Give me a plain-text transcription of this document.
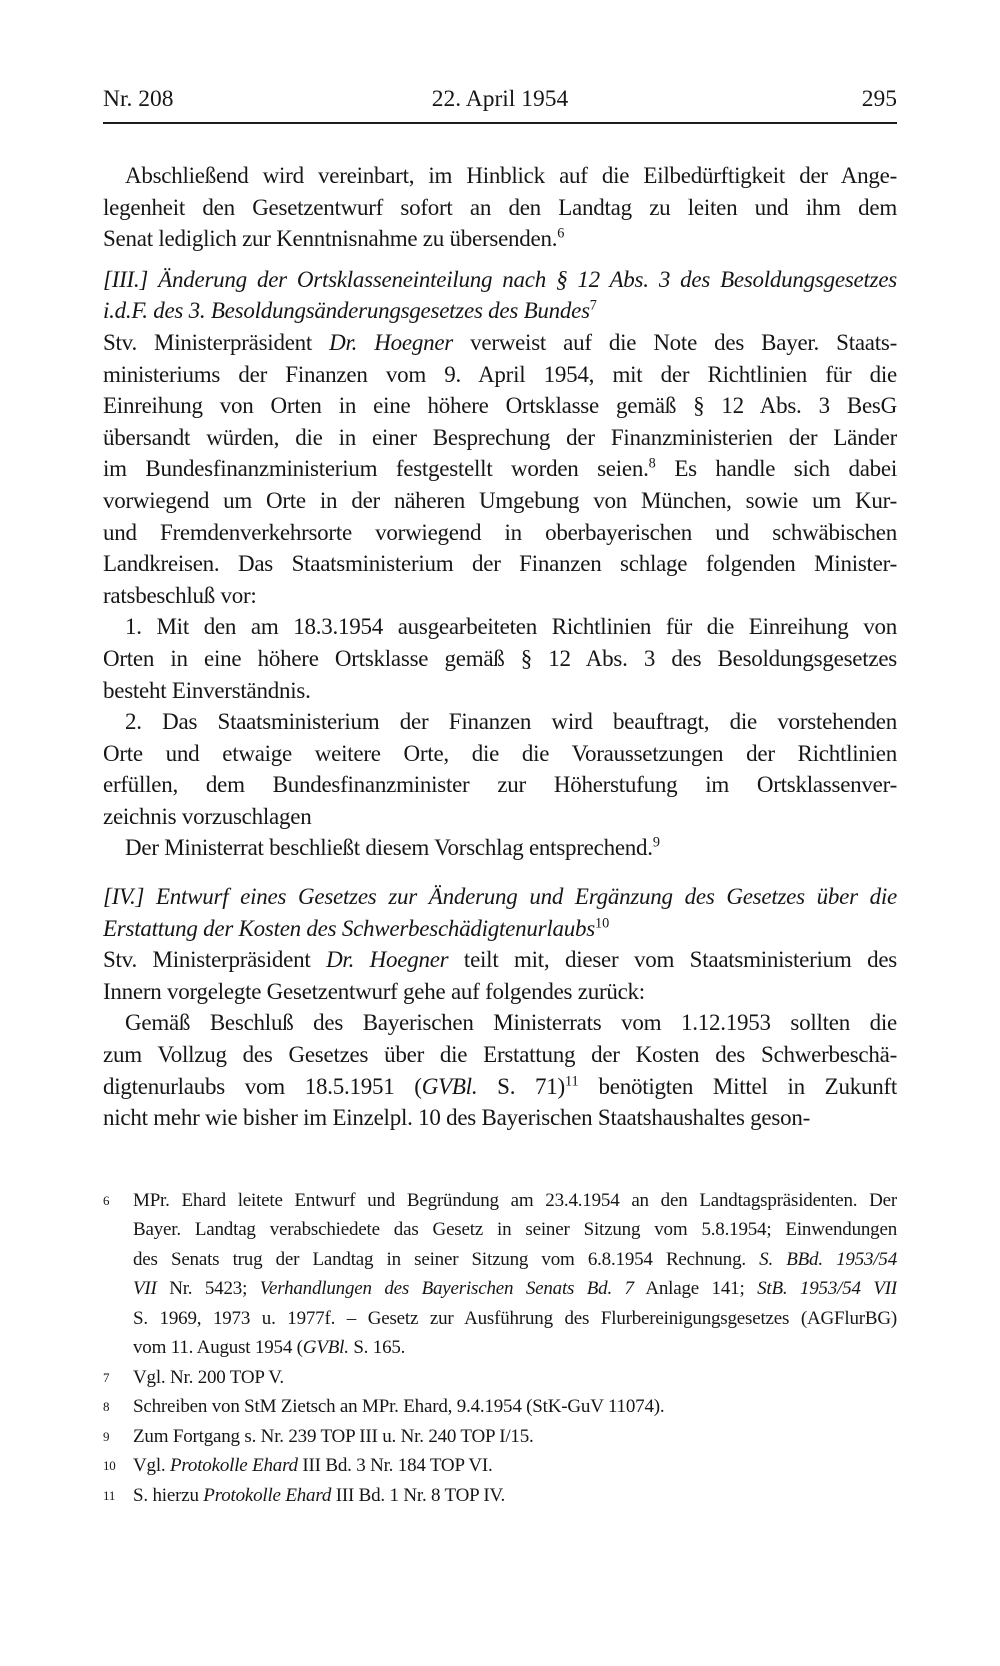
Nr. 208	22. April 1954	295
Abschließend wird vereinbart, im Hinblick auf die Eilbedürftigkeit der Ange-
legenheit den Gesetzentwurf sofort an den Landtag zu leiten und ihm dem
Senat lediglich zur Kenntnisnahme zu übersenden.$^6$
[III.] Änderung der Ortsklasseneinteilung nach § 12 Abs. 3 des Besoldungsgesetzes
i.d.F. des 3. Besoldungsänderungsgesetzes des Bundes$^7$
Stv. Ministerpräsident Dr. Hoegner verweist auf die Note des Bayer. Staats-
ministeriums der Finanzen vom 9. April 1954, mit der Richtlinien für die
Einreihung von Orten in eine höhere Ortsklasse gemäß § 12 Abs. 3 BesG
übersandt würden, die in einer Besprechung der Finanzministerien der Länder
im Bundesfinanzministerium festgestellt worden seien.$^8$ Es handle sich dabei
vorwiegend um Orte in der näheren Umgebung von München, sowie um Kur-
und Fremdenverkehrsorte vorwiegend in oberbayerischen und schwäbischen
Landkreisen. Das Staatsministerium der Finanzen schlage folgenden Minister-
ratsbeschluß vor:
1. Mit den am 18.3.1954 ausgearbeiteten Richtlinien für die Einreihung von
Orten in eine höhere Ortsklasse gemäß § 12 Abs. 3 des Besoldungsgesetzes
besteht Einverständnis.
2. Das Staatsministerium der Finanzen wird beauftragt, die vorstehenden
Orte und etwaige weitere Orte, die die Voraussetzungen der Richtlinien
erfüllen, dem Bundesfinanzminister zur Höherstufung im Ortsklassenver-
zeichnis vorzuschlagen
Der Ministerrat beschließt diesem Vorschlag entsprechend.$^9$
[IV.] Entwurf eines Gesetzes zur Änderung und Ergänzung des Gesetzes über die
Erstattung der Kosten des Schwerbeschädigtenurlaubs$^{10}$
Stv. Ministerpräsident Dr. Hoegner teilt mit, dieser vom Staatsministerium des
Innern vorgelegte Gesetzentwurf gehe auf folgendes zurück:
Gemäß Beschluß des Bayerischen Ministerrats vom 1.12.1953 sollten die
zum Vollzug des Gesetzes über die Erstattung der Kosten des Schwerbeschä-
digtenurlaubs vom 18.5.1951 (GVBl. S. 71)$^{11}$ benötigten Mittel in Zukunft
nicht mehr wie bisher im Einzelpl. 10 des Bayerischen Staatshaushaltes geson-
6	MPr. Ehard leitete Entwurf und Begründung am 23.4.1954 an den Landtagspräsidenten. Der
Bayer. Landtag verabschiedete das Gesetz in seiner Sitzung vom 5.8.1954; Einwendungen
des Senats trug der Landtag in seiner Sitzung vom 6.8.1954 Rechnung. S. BBd. 1953/54
VII Nr. 5423; Verhandlungen des Bayerischen Senats Bd. 7 Anlage 141; StB. 1953/54 VII
S. 1969, 1973 u. 1977f. – Gesetz zur Ausführung des Flurbereinigungsgesetzes (AGFlurBG)
vom 11. August 1954 (GVBl. S. 165.
7	Vgl. Nr. 200 TOP V.
8	Schreiben von StM Zietsch an MPr. Ehard, 9.4.1954 (StK-GuV 11074).
9	Zum Fortgang s. Nr. 239 TOP III u. Nr. 240 TOP I/15.
10 Vgl. Protokolle Ehard III Bd. 3 Nr. 184 TOP VI.
11 S. hierzu Protokolle Ehard III Bd. 1 Nr. 8 TOP IV.
